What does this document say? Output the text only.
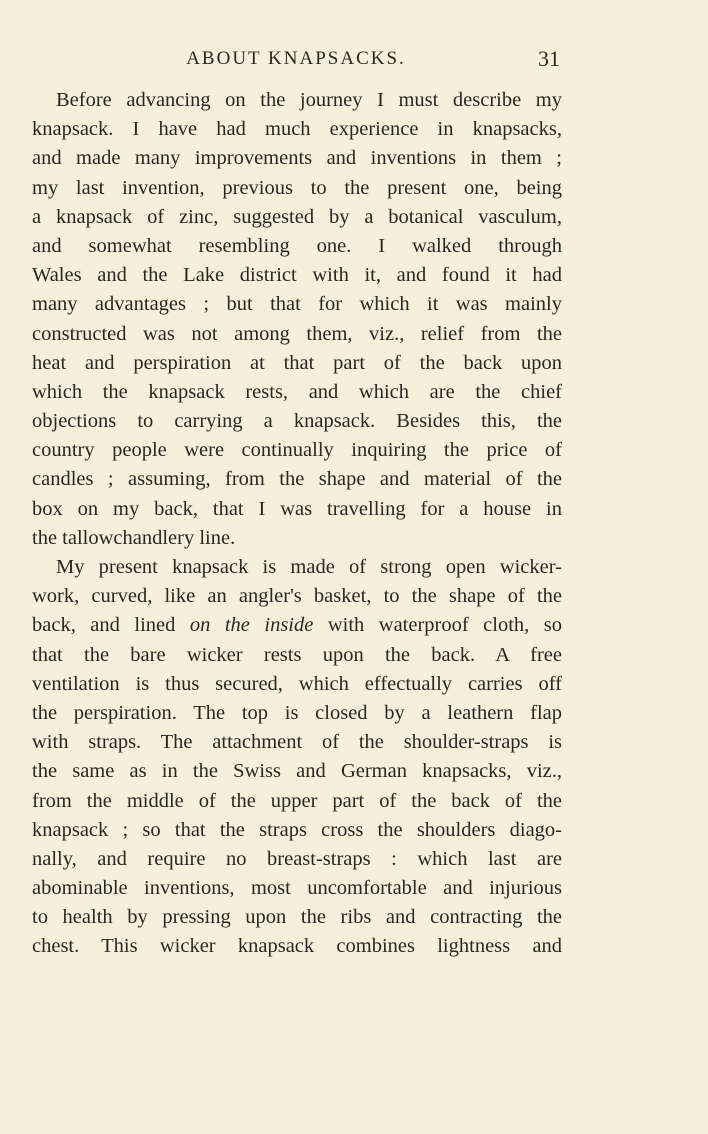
ABOUT KNAPSACKS.	31
Before advancing on the journey I must describe my
knapsack. I have had much experience in knapsacks,
and made many improvements and inventions in them ;
my last invention, previous to the present one, being
a knapsack of zinc, suggested by a botanical vasculum,
and somewhat resembling one. I walked through
Wales and the Lake district with it, and found it had
many advantages ; but that for which it was mainly
constructed was not among them, viz., relief from the
heat and perspiration at that part of the back upon
which the knapsack rests, and which are the chief
objections to carrying a knapsack. Besides this, the
country people were continually inquiring the price of
candles ; assuming, from the shape and material of the
box on my back, that I was travelling for a house in
the tallowchandlery line.
My present knapsack is made of strong open wicker-
work, curved, like an angler's basket, to the shape of the
back, and lined on the inside with waterproof cloth, so
that the bare wicker rests upon the back. A free
ventilation is thus secured, which effectually carries off
the perspiration. The top is closed by a leathern flap
with straps. The attachment of the shoulder-straps is
the same as in the Swiss and German knapsacks, viz.,
from the middle of the upper part of the back of the
knapsack ; so that the straps cross the shoulders diago-
nally, and require no breast-straps : which last are
abominable inventions, most uncomfortable and injurious
to health by pressing upon the ribs and contracting the
chest. This wicker knapsack combines lightness and
